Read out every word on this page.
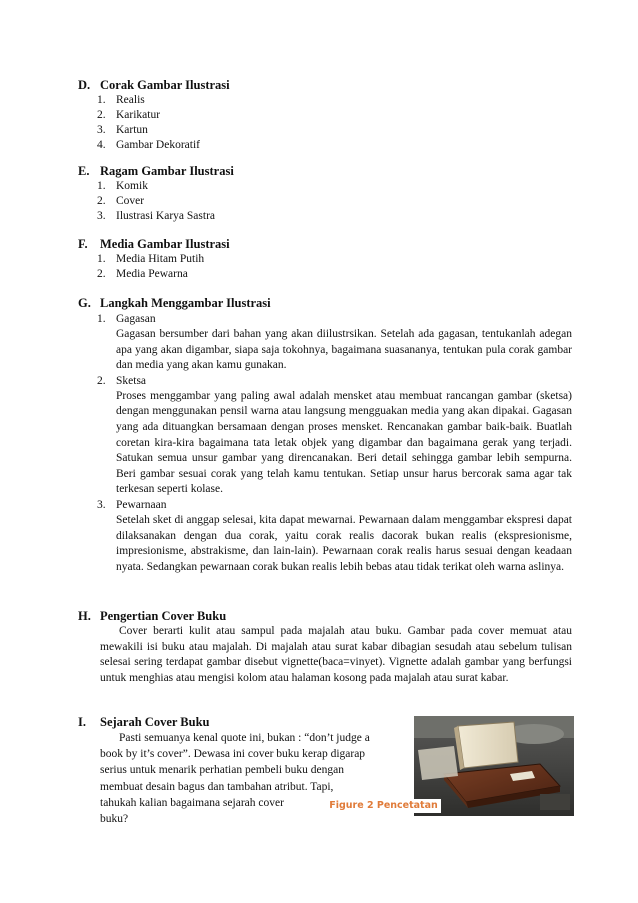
D. Corak Gambar Ilustrasi
1. Realis
2. Karikatur
3. Kartun
4. Gambar Dekoratif
E. Ragam Gambar Ilustrasi
1. Komik
2. Cover
3. Ilustrasi Karya Sastra
F. Media Gambar Ilustrasi
1. Media Hitam Putih
2. Media Pewarna
G. Langkah Menggambar Ilustrasi
1. Gagasan
Gagasan bersumber dari bahan yang akan diilustrsikan. Setelah ada gagasan, tentukanlah adegan apa yang akan digambar, siapa saja tokohnya, bagaimana suasananya, tentukan pula corak gambar dan media yang akan kamu gunakan.
2. Sketsa
Proses menggambar yang paling awal adalah mensket atau membuat rancangan gambar (sketsa) dengan menggunakan pensil warna atau langsung mengguakan media yang akan dipakai. Gagasan yang ada dituangkan bersamaan dengan proses mensket. Rencanakan gambar baik-baik. Buatlah coretan kira-kira bagaimana tata letak objek yang digambar dan bagaimana gerak yang terjadi. Satukan semua unsur gambar yang direncanakan. Beri detail sehingga gambar lebih sempurna. Beri gambar sesuai corak yang telah kamu tentukan. Setiap unsur harus bercorak sama agar tak terkesan seperti kolase.
3. Pewarnaan
Setelah sket di anggap selesai, kita dapat mewarnai. Pewarnaan dalam menggambar ekspresi dapat dilaksanakan dengan dua corak, yaitu corak realis dacorak bukan realis (ekspresionisme, impresionisme, abstrakisme, dan lain-lain). Pewarnaan corak realis harus sesuai dengan keadaan nyata. Sedangkan pewarnaan corak bukan realis lebih bebas atau tidak terikat oleh warna aslinya.
H. Pengertian Cover Buku
Cover berarti kulit atau sampul pada majalah atau buku. Gambar pada cover memuat atau mewakili isi buku atau majalah. Di majalah atau surat kabar dibagian sesudah atau sebelum tulisan selesai sering terdapat gambar disebut vignette(baca=vinyet). Vignette adalah gambar yang berfungsi untuk menghias atau mengisi kolom atau halaman kosong pada majalah atau surat kabar.
I. Sejarah Cover Buku
Pasti semuanya kenal quote ini, bukan : “don’t judge a
book by it’s cover”. Dewasa ini cover buku kerap digarap
serius untuk menarik perhatian pembeli buku dengan
membuat desain bagus dan tambahan atribut. Tapi,
tahukah kalian bagaimana sejarah cover
buku?
Figure 2 Pencetatan
